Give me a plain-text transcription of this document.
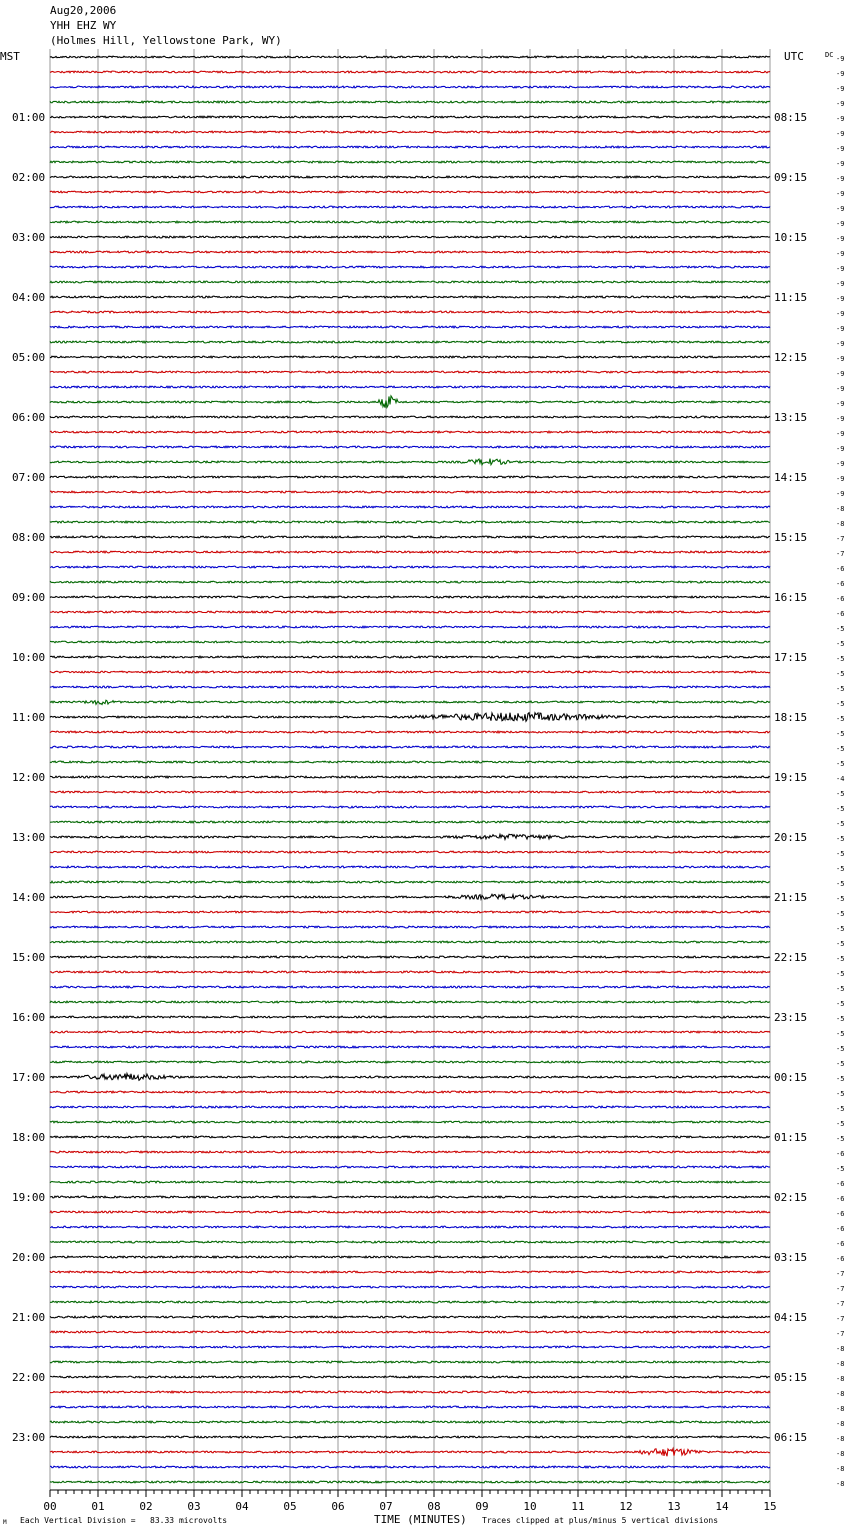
Aug20,2006
YHH EHZ WY
(Holmes Hill, Yellowstone Park, WY)
01:00
02:00
03:00
04:00
05:00
06:00
07:00
08:00
09:00
10:00
11:00
12:00
13:00
14:00
15:00
16:00
17:00
18:00
19:00
20:00
21:00
22:00
23:00
08:15
09:15
10:15
11:15
12:15
13:15
14:15
15:15
16:15
17:15
18:15
19:15
20:15
21:15
22:15
23:15
00:15
01:15
02:15
03:15
04:15
05:15
06:15
-9
-9
-9
-9
-9
-9
-9
-9
-9
-9
-9
-9
-9
-9
-9
-9
-9
-9
-9
-9
-9
-9
-9
-9
-9
-9
-9
-9
-9
-9
-8
-8
-7
-7
-6
-6
-6
-6
-5
-5
-5
-5
-5
-5
-5
-5
-5
-5
-4
-5
-5
-5
-5
-5
-5
-5
-5
-5
-5
-5
-5
-5
-5
-5
-5
-5
-5
-5
-5
-5
-5
-5
-5
-6
-5
-6
-6
-6
-6
-6
-6
-7
-7
-7
-7
-7
-8
-8
-8
-8
-8
-8
-8
-8
-8
-8
00	01	02	03	04	05	06	07	08	09	10	11	12	13	14	15
MST	UTC	DC
M Each Vertical Division =   83.33 microvolts	TIME (MINUTES) Traces clipped at plus/minus 5 vertical divisions
